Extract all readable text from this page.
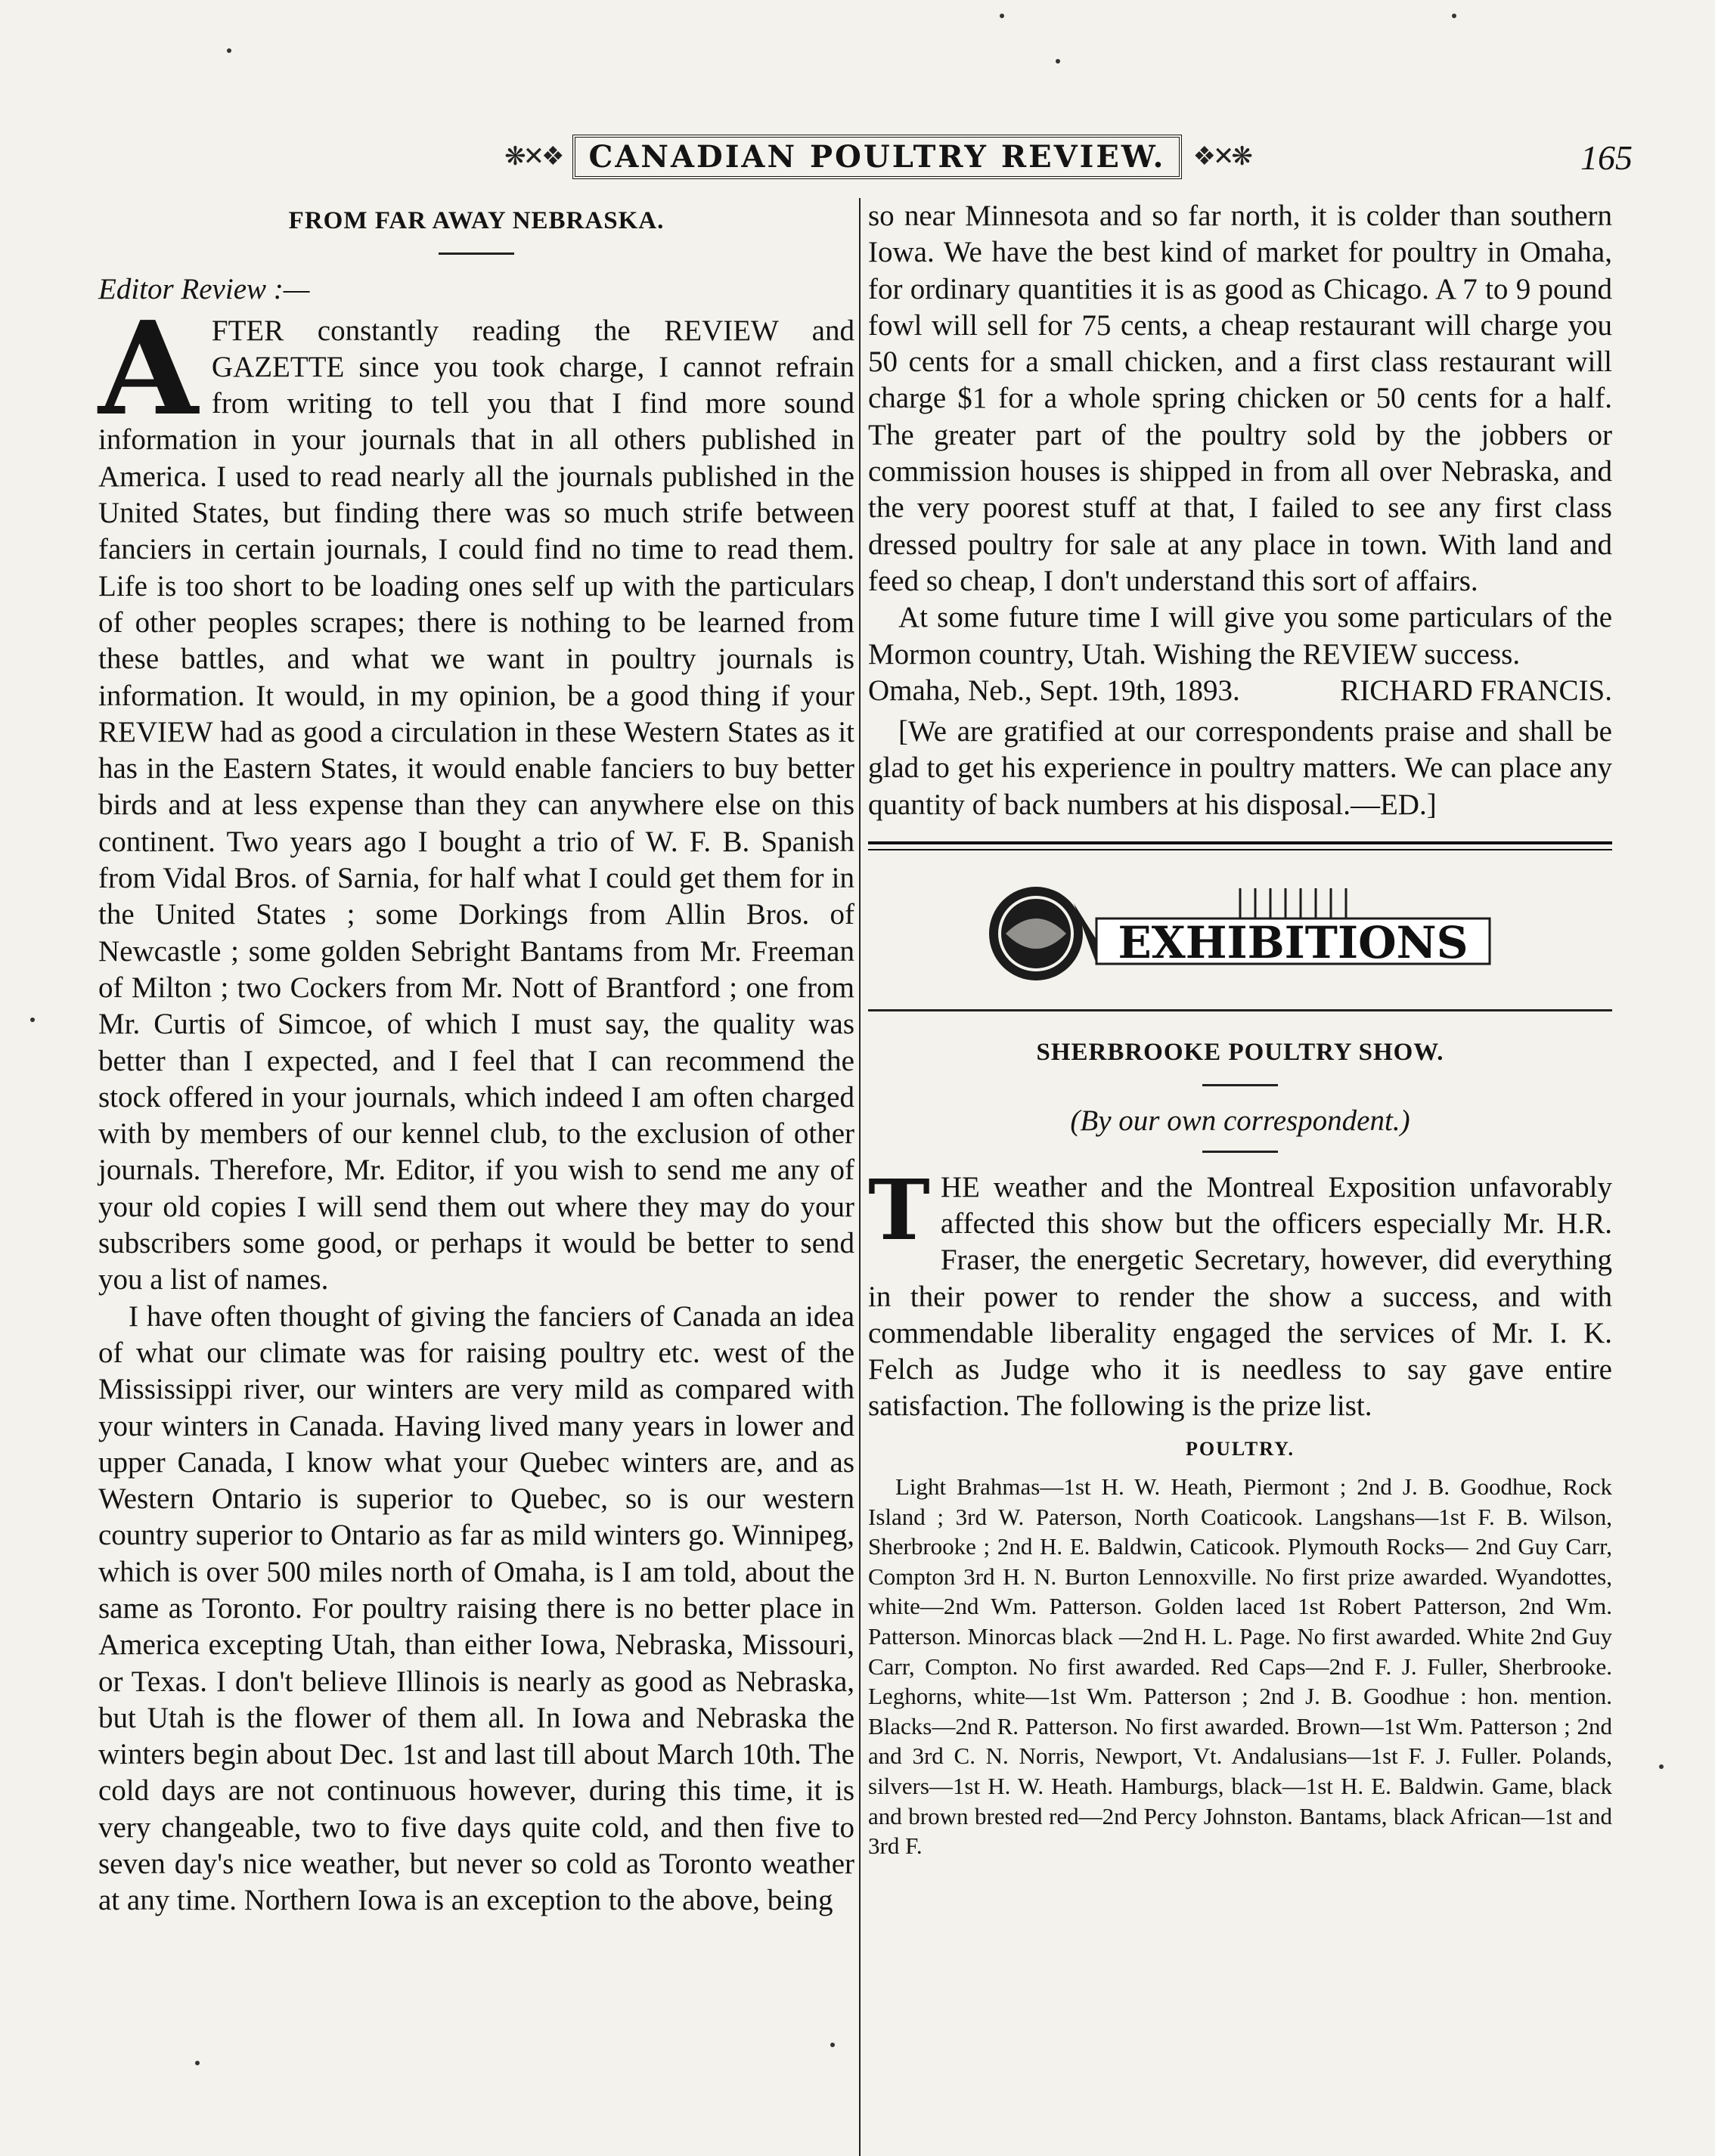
❋✕❖ CANADIAN POULTRY REVIEW.	❖✕❋	165
FROM FAR AWAY NEBRASKA.

Editor Review :—

A FTER constantly reading the REVIEW and GAZETTE since you took charge, I cannot refrain from writing to tell you that I find more sound information in your journals that in all others published in America. I used to read nearly all the journals published in the United States, but finding there was so much strife between fanciers in certain journals, I could find no time to read them. Life is too short to be loading ones self up with the particulars of other peoples scrapes; there is nothing to be learned from these battles, and what we want in poultry journals is information. It would, in my opinion, be a good thing if your REVIEW had as good a circulation in these Western States as it has in the Eastern States, it would enable fanciers to buy better birds and at less expense than they can anywhere else on this continent. Two years ago I bought a trio of W. F. B. Spanish from Vidal Bros. of Sarnia, for half what I could get them for in the United States ; some Dorkings from Allin Bros. of Newcastle ; some golden Sebright Bantams from Mr. Freeman of Milton ; two Cockers from Mr. Nott of Brantford ; one from Mr. Curtis of Simcoe, of which I must say, the quality was better than I expected, and I feel that I can recommend the stock offered in your journals, which indeed I am often charged with by members of our kennel club, to the exclusion of other journals. Therefore, Mr. Editor, if you wish to send me any of your old copies I will send them out where they may do your subscribers some good, or perhaps it would be better to send you a list of names.

I have often thought of giving the fanciers of Canada an idea of what our climate was for raising poultry etc. west of the Mississippi river, our winters are very mild as compared with your winters in Canada. Having lived many years in lower and upper Canada, I know what your Quebec winters are, and as Western Ontario is superior to Quebec, so is our western country superior to Ontario as far as mild winters go. Winnipeg, which is over 500 miles north of Omaha, is I am told, about the same as Toronto. For poultry raising there is no better place in America excepting Utah, than either Iowa, Nebraska, Missouri, or Texas. I don't believe Illinois is nearly as good as Nebraska, but Utah is the flower of them all. In Iowa and Nebraska the winters begin about Dec. 1st and last till about March 10th. The cold days are not continuous however, during this time, it is very changeable, two to five days quite cold, and then five to seven day's nice weather, but never so cold as Toronto weather at any time. Northern Iowa is an exception to the above, being

so near Minnesota and so far north, it is colder than southern Iowa. We have the best kind of market for poultry in Omaha, for ordinary quantities it is as good as Chicago. A 7 to 9 pound fowl will sell for 75 cents, a cheap restaurant will charge you 50 cents for a small chicken, and a first class restaurant will charge $1 for a whole spring chicken or 50 cents for a half. The greater part of the poultry sold by the jobbers or commission houses is shipped in from all over Nebraska, and the very poorest stuff at that, I failed to see any first class dressed poultry for sale at any place in town. With land and feed so cheap, I don't understand this sort of affairs.

At some future time I will give you some particulars of the Mormon country, Utah. Wishing the REVIEW success.

Omaha, Neb., Sept. 19th, 1893.	RICHARD FRANCIS.

[We are gratified at our correspondents praise and shall be glad to get his experience in poultry matters. We can place any quantity of back numbers at his disposal.—ED.]

EXHIBITIONS
SHERBROOKE POULTRY SHOW.

(By our own correspondent.)

T HE weather and the Montreal Exposition unfavorably affected this show but the officers especially Mr. H.R. Fraser, the energetic Secretary, however, did everything in their power to render the show a success, and with commendable liberality engaged the services of Mr. I. K. Felch as Judge who it is needless to say gave entire satisfaction. The following is the prize list.

POULTRY.

Light Brahmas—1st H. W. Heath, Piermont ; 2nd J. B. Goodhue, Rock Island ; 3rd W. Paterson, North Coaticook. Langshans—1st F. B. Wilson, Sherbrooke ; 2nd H. E. Baldwin, Caticook. Plymouth Rocks— 2nd Guy Carr, Compton 3rd H. N. Burton Lennoxville. No first prize awarded. Wyandottes, white—2nd Wm. Patterson. Golden laced 1st Robert Patterson, 2nd Wm. Patterson. Minorcas black —2nd H. L. Page. No first awarded. White 2nd Guy Carr, Compton. No first awarded. Red Caps—2nd F. J. Fuller, Sherbrooke. Leghorns, white—1st Wm. Patterson ; 2nd J. B. Goodhue : hon. mention. Blacks—2nd R. Patterson. No first awarded. Brown—1st Wm. Patterson ; 2nd and 3rd C. N. Norris, Newport, Vt. Andalusians—1st F. J. Fuller. Polands, silvers—1st H. W. Heath. Hamburgs, black—1st H. E. Baldwin. Game, black and brown brested red—2nd Percy Johnston. Bantams, black African—1st and 3rd F.
